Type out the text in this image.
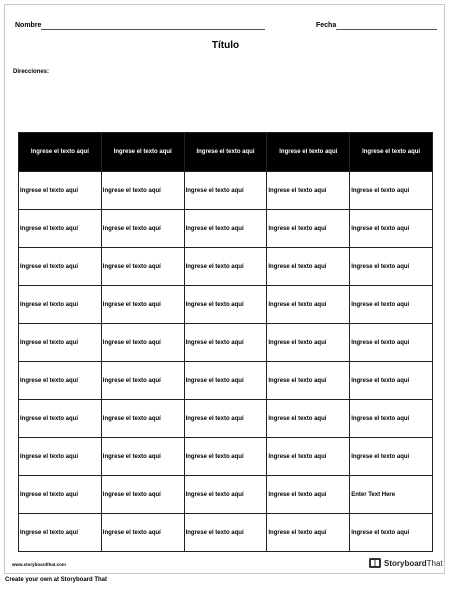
Nombre	Fecha
Título
Direcciones:
Ingrese el texto aquí	Ingrese el texto aquí	Ingrese el texto aquí	Ingrese el texto aquí	Ingrese el texto aquí
Ingrese el texto aquí	Ingrese el texto aquí	Ingrese el texto aquí	Ingrese el texto aquí	Ingrese el texto aquí
Ingrese el texto aquí	Ingrese el texto aquí	Ingrese el texto aquí	Ingrese el texto aquí	Ingrese el texto aquí
Ingrese el texto aquí	Ingrese el texto aquí	Ingrese el texto aquí	Ingrese el texto aquí	Ingrese el texto aquí
Ingrese el texto aquí	Ingrese el texto aquí	Ingrese el texto aquí	Ingrese el texto aquí	Ingrese el texto aquí
Ingrese el texto aquí	Ingrese el texto aquí	Ingrese el texto aquí	Ingrese el texto aquí	Ingrese el texto aquí
Ingrese el texto aquí	Ingrese el texto aquí	Ingrese el texto aquí	Ingrese el texto aquí	Ingrese el texto aquí
Ingrese el texto aquí	Ingrese el texto aquí	Ingrese el texto aquí	Ingrese el texto aquí	Ingrese el texto aquí
Ingrese el texto aquí	Ingrese el texto aquí	Ingrese el texto aquí	Ingrese el texto aquí	Ingrese el texto aquí
Ingrese el texto aquí	Ingrese el texto aquí	Ingrese el texto aquí	Ingrese el texto aquí	Enter Text Here
Ingrese el texto aquí	Ingrese el texto aquí	Ingrese el texto aquí	Ingrese el texto aquí	Ingrese el texto aquí
www.storyboardthat.com	StoryboardThat
Create your own at Storyboard That
